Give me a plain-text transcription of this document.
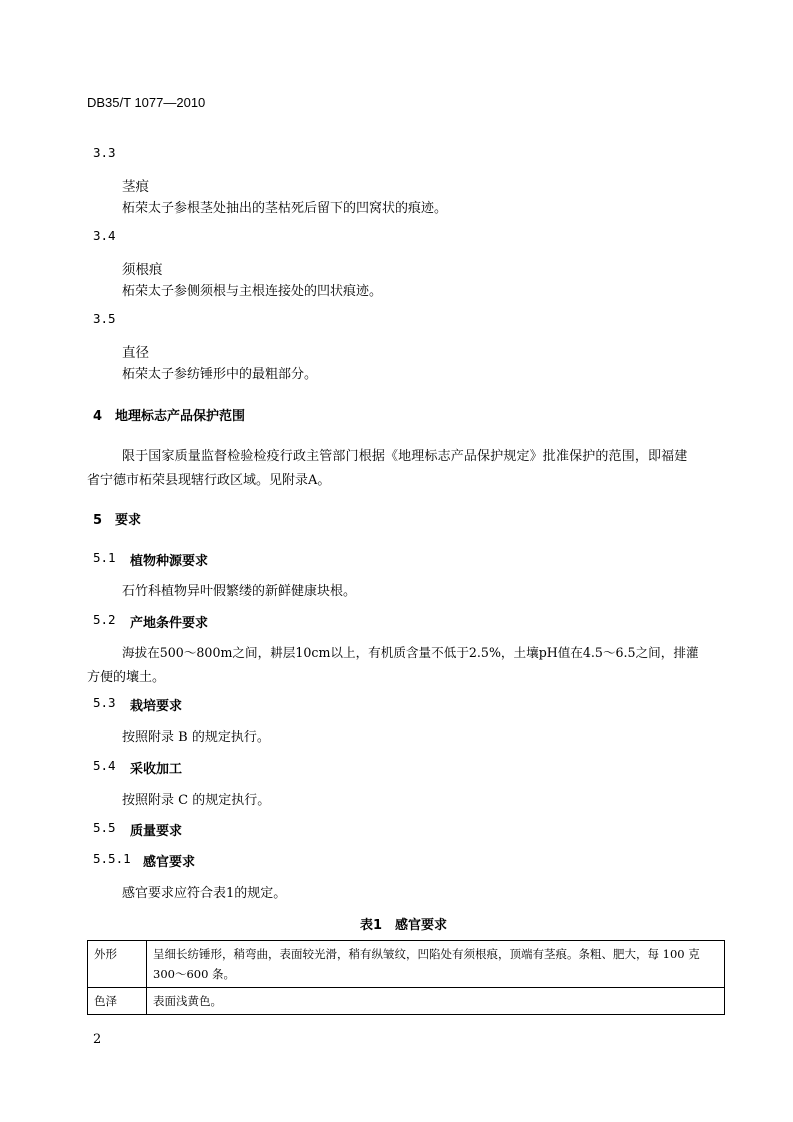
DB35/T 1077—2010
3.3
茎痕
柘荣太子参根茎处抽出的茎枯死后留下的凹窝状的痕迹。
3.4
须根痕
柘荣太子参侧须根与主根连接处的凹状痕迹。
3.5
直径
柘荣太子参纺锤形中的最粗部分。
4　地理标志产品保护范围
限于国家质量监督检验检疫行政主管部门根据《地理标志产品保护规定》批准保护的范围，即福建
省宁德市柘荣县现辖行政区域。见附录A。
5　要求
5.1 植物种源要求
石竹科植物异叶假繁缕的新鲜健康块根。
5.2 产地条件要求
海拔在500～800m之间，耕层10cm以上，有机质含量不低于2.5%，土壤pH值在4.5～6.5之间，排灌
方便的壤土。
5.3 栽培要求
按照附录 B 的规定执行。
5.4 采收加工
按照附录 C 的规定执行。
5.5 质量要求
5.5.1 感官要求
感官要求应符合表1的规定。
表1　感官要求
外形	呈细长纺锤形，稍弯曲，表面较光滑，稍有纵皱纹，凹陷处有须根痕，顶端有茎痕。条粗、肥大，每 100 克
300～600 条。

色泽	表面浅黄色。
2
